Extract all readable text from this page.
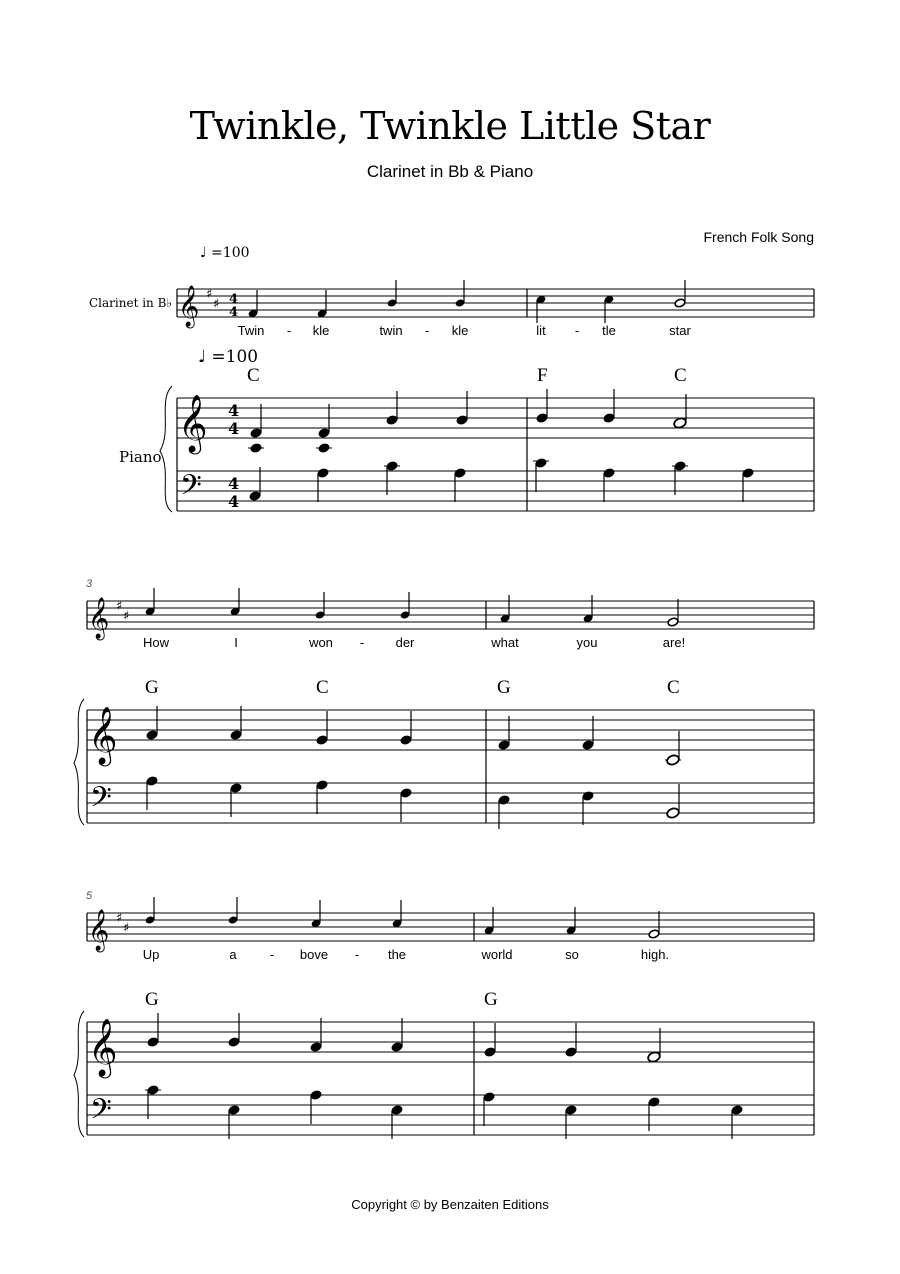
Twinkle, Twinkle Little Star
Clarinet in Bb & Piano
French Folk Song
♩ =100
Clarinet in B♭ 𝄞 ♯
♯ 4
4
Twin - kle	twin - kle	lit - tle	star
♩ =100
C	F	C
Piano
𝄞 4
4
𝄢 4
4
3
𝄞 ♯
♯
How	I	won - der	what	you	are!
G	C	G	C
𝄞
𝄢
5
𝄞 ♯
♯
Up	a	- bove - the	world	so	high.
G	G
𝄞
𝄢
Copyright © by Benzaiten Editions
